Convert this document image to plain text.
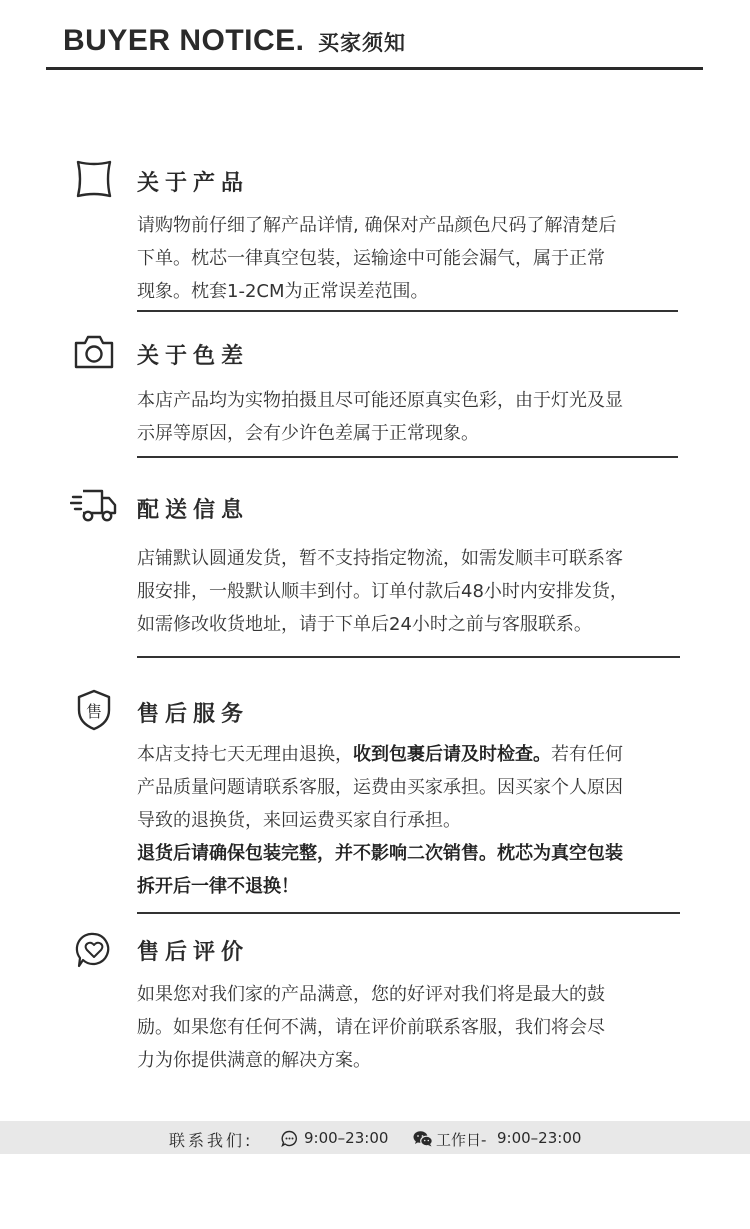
BUYER NOTICE. 买家须知
关于产品

请购物前仔细了解产品详情, 确保对产品颜色尺码了解清楚后

下单。枕芯一律真空包装，运输途中可能会漏气，属于正常

现象。枕套1-2CM为正常误差范围。

关于色差

本店产品均为实物拍摄且尽可能还原真实色彩，由于灯光及显

示屏等原因，会有少许色差属于正常现象。

配送信息

店铺默认圆通发货，暂不支持指定物流，如需发顺丰可联系客

服安排，一般默认顺丰到付。订单付款后48小时内安排发货，

如需修改收货地址，请于下单后24小时之前与客服联系。

售 售后服务

本店支持七天无理由退换，收到包裹后请及时检查。若有任何

产品质量问题请联系客服，运费由买家承担。因买家个人原因

导致的退换货，来回运费买家自行承担。

退货后请确保包装完整，并不影响二次销售。枕芯为真空包装

拆开后一律不退换！

售后评价

如果您对我们家的产品满意，您的好评对我们将是最大的鼓

励。如果您有任何不满，请在评价前联系客服，我们将会尽

力为你提供满意的解决方案。

联系我们:	9:00–23:00	工作日- 9:00–23:00
